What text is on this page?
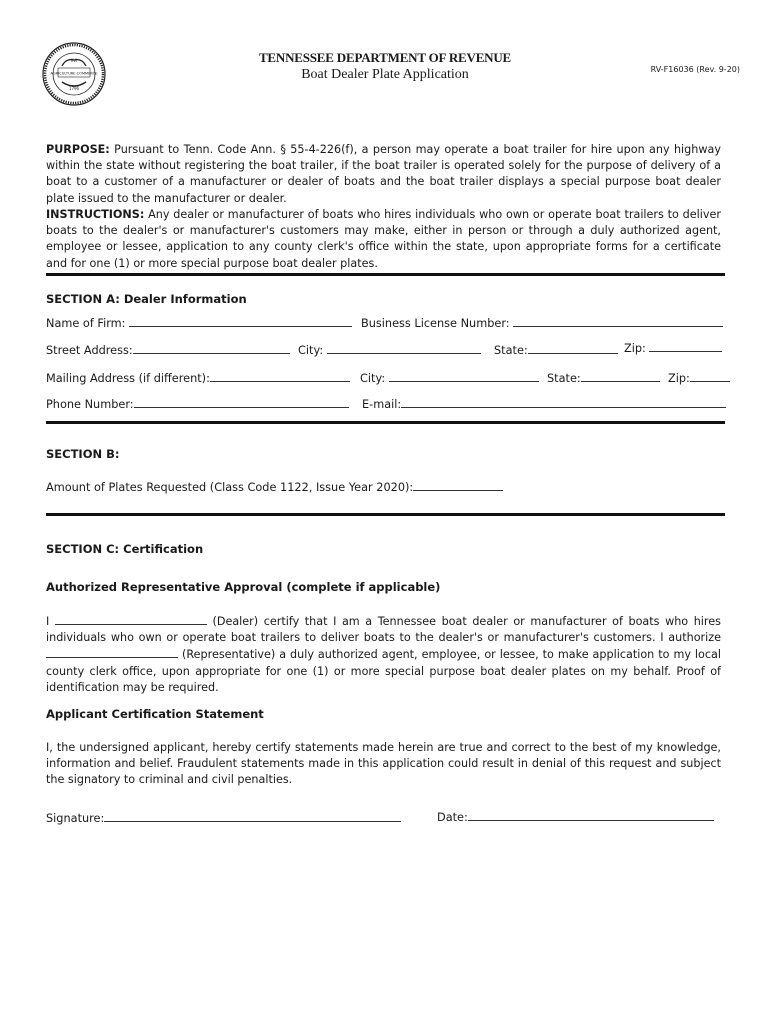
AGRICULTURE COMMERCE
XVI
1796
TENNESSEE DEPARTMENT OF REVENUE
Boat Dealer Plate Application	RV-F16036 (Rev. 9-20)
PURPOSE: Pursuant to Tenn. Code Ann. § 55-4-226(f), a person may operate a boat trailer for hire upon any highway within the state without registering the boat trailer, if the boat trailer is operated solely for the purpose of delivery of a boat to a customer of a manufacturer or dealer of boats and the boat trailer displays a special purpose boat dealer plate issued to the manufacturer or dealer.
INSTRUCTIONS: Any dealer or manufacturer of boats who hires individuals who own or operate boat trailers to deliver boats to the dealer's or manufacturer's customers may make, either in person or through a duly authorized agent, employee or lessee, application to any county clerk's office within the state, upon appropriate forms for a certificate and for one (1) or more special purpose boat dealer plates.
SECTION A: Dealer Information
Name of Firm:	Business License Number:
Street Address:	City:	State:	Zip:
Mailing Address (if different):	City:	State:	Zip:
Phone Number:	E-mail:
SECTION B:
Amount of Plates Requested (Class Code 1122, Issue Year 2020):
SECTION C: Certification
Authorized Representative Approval (complete if applicable)
I	(Dealer) certify that I am a Tennessee boat dealer or manufacturer of boats who hires individuals who own or operate boat trailers to deliver boats to the dealer's or manufacturer's customers. I authorize  (Representative) a duly authorized agent, employee, or lessee, to make application to my local county clerk office, upon appropriate for one (1) or more special purpose boat dealer plates on my behalf. Proof of identification may be required.
Applicant Certification Statement
I, the undersigned applicant, hereby certify statements made herein are true and correct to the best of my knowledge, information and belief. Fraudulent statements made in this application could result in denial of this request and subject the signatory to criminal and civil penalties.
Signature:	Date:
